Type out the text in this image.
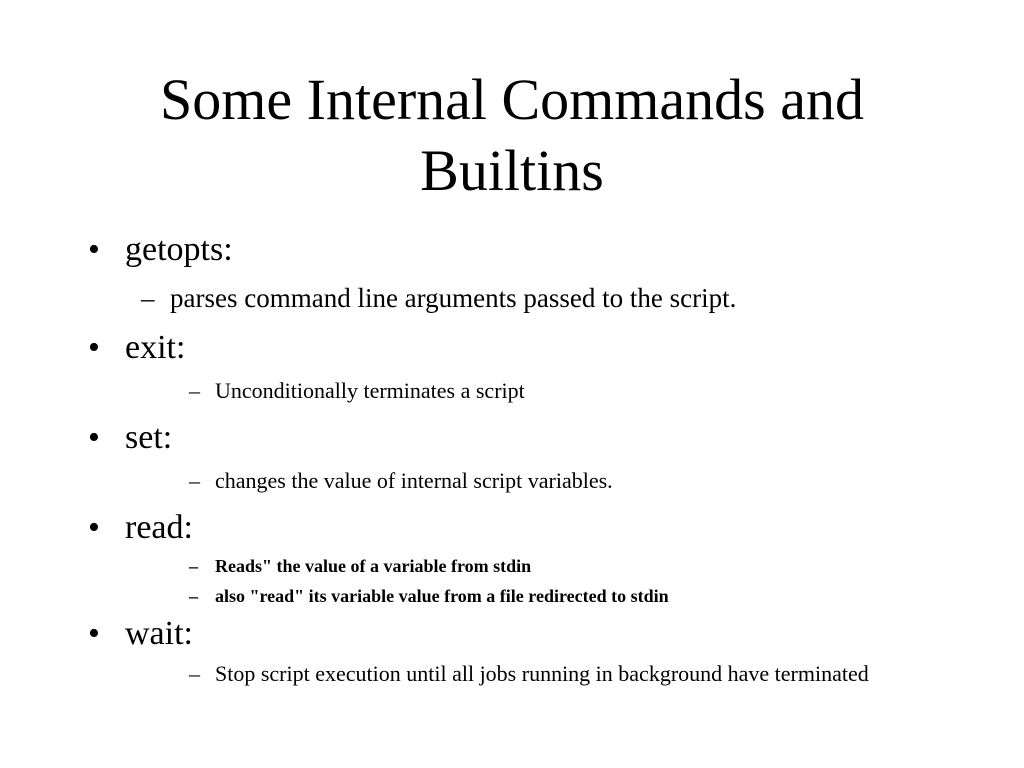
Some Internal Commands and
Builtins
• getopts:
– parses command line arguments passed to the script.
• exit:
– Unconditionally terminates a script
• set:
– changes the value of internal script variables.
• read:
– Reads" the value of a variable from stdin
– also "read" its variable value from a file redirected to stdin
• wait:
– Stop script execution until all jobs running in background have terminated
